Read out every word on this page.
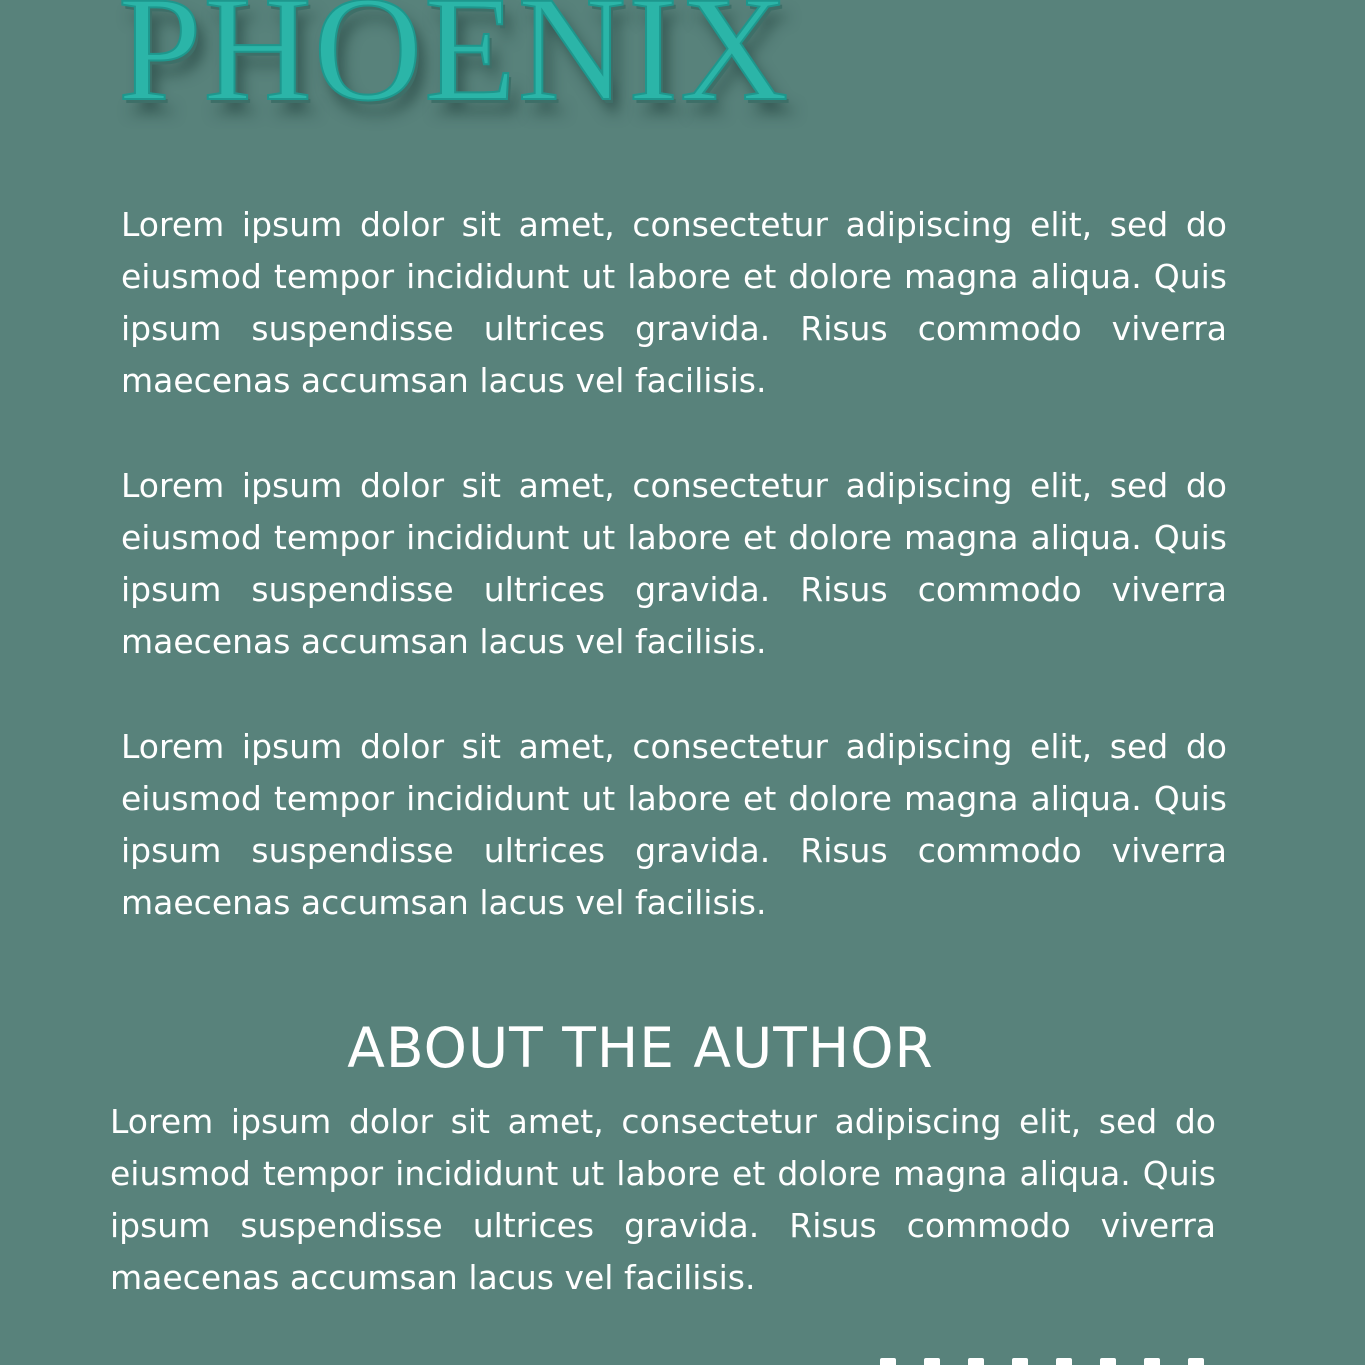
PHOENIX

Lorem ipsum dolor sit amet, consectetur adipiscing elit, sed do eiusmod tempor incididunt ut labore et dolore magna aliqua. Quis ipsum suspendisse ultrices gravida. Risus commodo viverra maecenas accumsan lacus vel facilisis.

Lorem ipsum dolor sit amet, consectetur adipiscing elit, sed do eiusmod tempor incididunt ut labore et dolore magna aliqua. Quis ipsum suspendisse ultrices gravida. Risus commodo viverra maecenas accumsan lacus vel facilisis.

Lorem ipsum dolor sit amet, consectetur adipiscing elit, sed do eiusmod tempor incididunt ut labore et dolore magna aliqua. Quis ipsum suspendisse ultrices gravida. Risus commodo viverra maecenas accumsan lacus vel facilisis.

ABOUT THE AUTHOR

Lorem ipsum dolor sit amet, consectetur adipiscing elit, sed do eiusmod tempor incididunt ut labore et dolore magna aliqua. Quis ipsum suspendisse ultrices gravida. Risus commodo viverra maecenas accumsan lacus vel facilisis.
